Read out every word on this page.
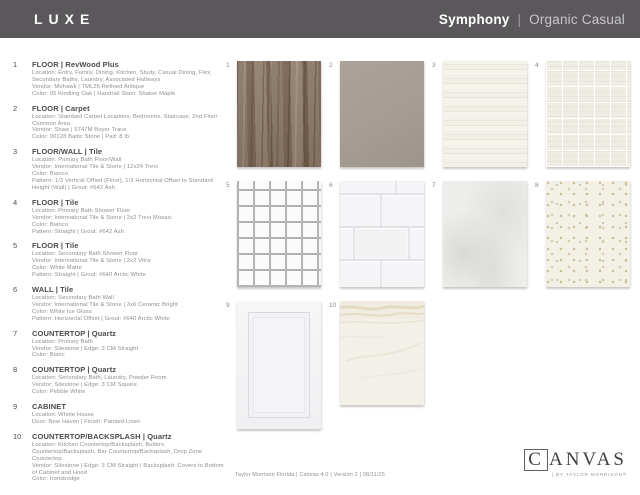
LUXE	Symphony | Organic Casual
1	FLOOR | RevWood Plus
Location: Entry, Family, Dining, Kitchen, Study, Casual Dining, Flex, Secondary Baths, Laundry, Associated Hallways
Vendor: Mohawk | TML26 Refined Antique
Color: 05 Kindling Oak | Handrail Stain: Shaker Maple
2	FLOOR | Carpet
Location: Standard Carpet Locations, Bedrooms, Staircase, 2nd Floor Common Area
Vendor: Shaw | 5747M Boyer Trace
Color: 00128 Baltic Stone | Pad: 8 lb
3	FLOOR/WALL | Tile
Location: Primary Bath Floor/Wall
Vendor: International Tile & Stone | 12x24 Trevi
Color: Bianco
Pattern: 1/3 Vertical Offset (Floor), 1/3 Horizontal Offset to Standard Height (Wall) | Grout: #642 Ash
4	FLOOR | Tile
Location: Primary Bath Shower Floor
Vendor: International Tile & Stone | 2x2 Trevi Mosaic
Color: Bianco
Pattern: Straight | Grout: #642 Ash
5	FLOOR | Tile
Location: Secondary Bath Shower Floor
Vendor: International Tile & Stone | 2x2 Vitra
Color: White Matte
Pattern: Straight | Grout: #640 Arctic White
6	WALL | Tile
Location: Secondary Bath Wall
Vendor: International Tile & Stone | 3x6 Ceramic Bright
Color: White Ice Gloss
Pattern: Horizontal Offset | Grout: #640 Arctic White
7	COUNTERTOP | Quartz
Location: Primary Bath
Vendor: Silestone | Edge: 3 CM Straight
Color: Blanc
8	COUNTERTOP | Quartz
Location: Secondary Bath, Laundry, Powder Room
Vendor: Silestone | Edge: 3 CM Square
Color: Pebble White
9	CABINET
Location: Whole House
Door: New Haven | Finish: Painted Linen
10	COUNTERTOP/BACKSPLASH | Quartz
Location: Kitchen Countertop/Backsplash, Butlers Countertop/Backsplash, Bar Countertop/Backsplash, Drop Zone Countertop
Vendor: Silestone | Edge: 3 CM Straight | Backsplash: Covers to Bottom of Cabinet and Hood
Color: Ironsbridge
1	2	3	4
5	6	7	8
9	10
Taylor Morrison Florida | Canvas 4.0 | Version 2 | 08/11/25
C ANVAS
| BY TAYLOR MORRISON®
